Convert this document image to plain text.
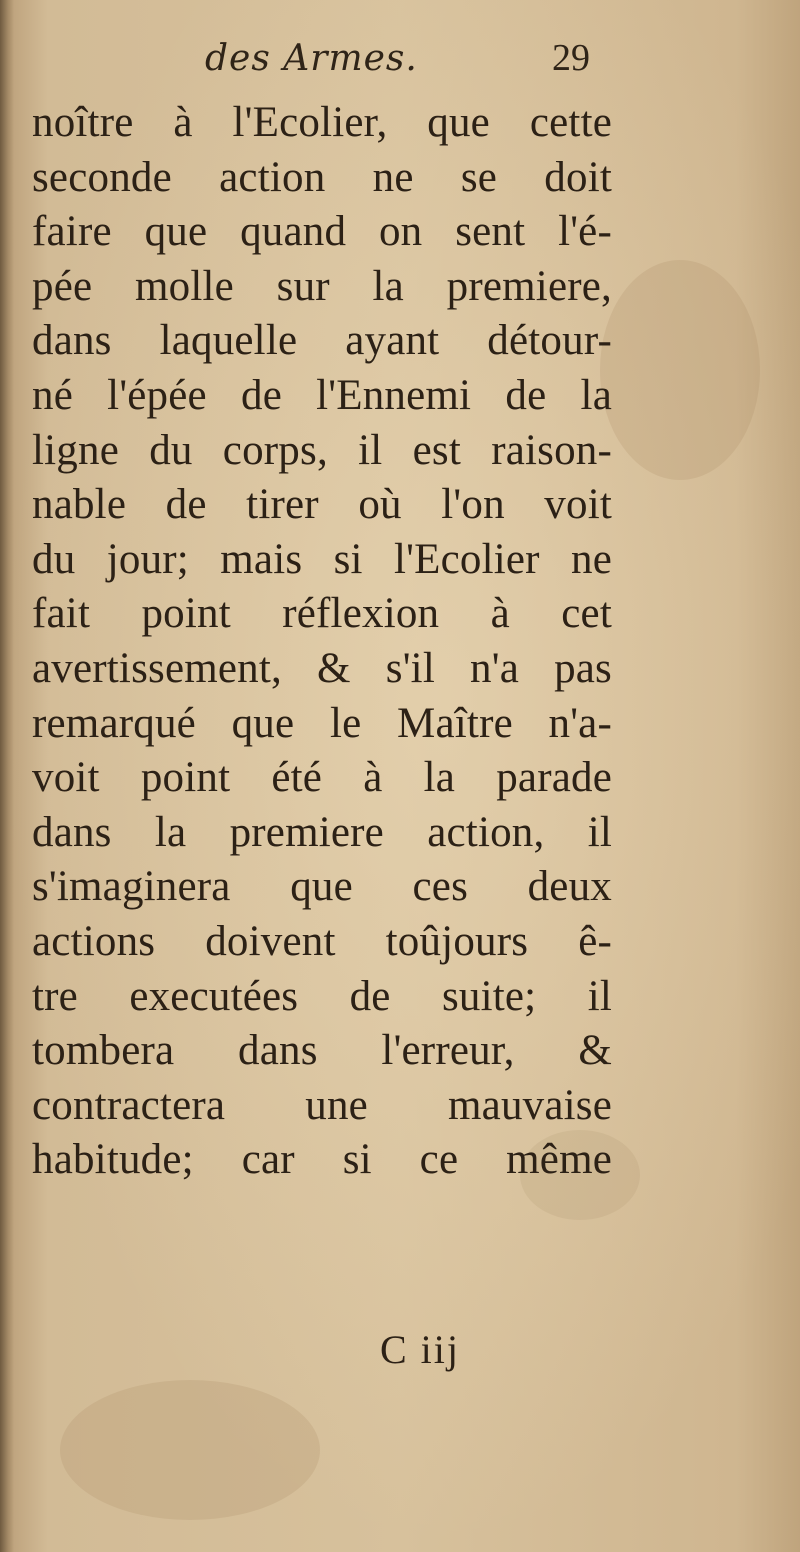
des Armes.	29
noître à l'Ecolier, que cette
seconde action ne se doit
faire que quand on sent l'é-
pée molle sur la premiere,
dans laquelle ayant détour-
né l'épée de l'Ennemi de la
ligne du corps, il est raison-
nable de tirer où l'on voit
du jour; mais si l'Ecolier ne
fait point réflexion à cet
avertissement, & s'il n'a pas
remarqué que le Maître n'a-
voit point été à la parade
dans la premiere action, il
s'imaginera que ces deux
actions doivent toûjours ê-
tre executées de suite; il
tombera dans l'erreur, &
contractera une mauvaise
habitude; car si ce même
C iij
